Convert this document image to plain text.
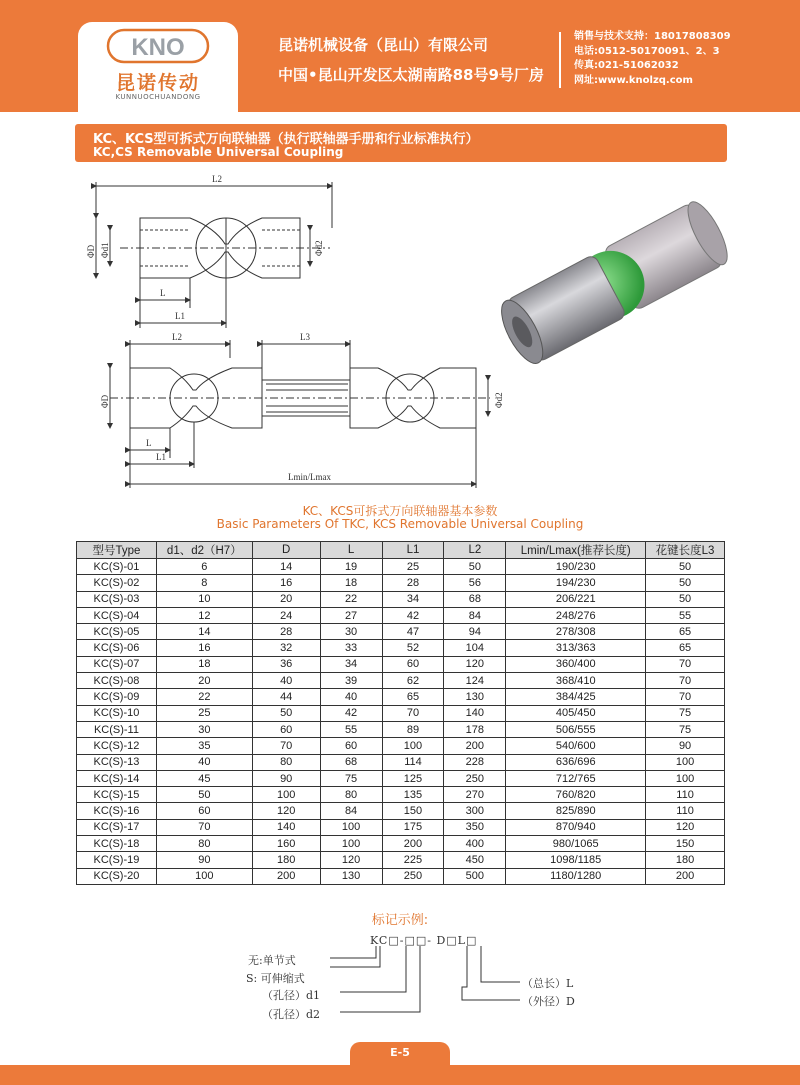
KNO
昆诺传动
KUNNUOCHUANDONG
昆诺机械设备（昆山）有限公司
中国•昆山开发区太湖南路88号9号厂房
销售与技术支持：18017808309
电话:0512-50170091、2、3
传真:021-51062032
网址:www.knolzq.com
KC、KCS型可拆式万向联轴器（执行联轴器手册和行业标准执行）
KC,CS Removable Universal Coupling
L2
ΦD Φd1	Φd2
L
L1
L2	L3
ΦD	Φd2
L
L1
Lmin/Lmax
KC、KCS可拆式万向联轴器基本参数
Basic Parameters Of TKC, KCS Removable Universal Coupling
型号Type	d1、d2（H7）	D	L	L1	L2	Lmin/Lmax(推荐长度)	花键长度L3
KC(S)-01	6	14	19	25	50	190/230	50
KC(S)-02	8	16	18	28	56	194/230	50
KC(S)-03	10	20	22	34	68	206/221	50
KC(S)-04	12	24	27	42	84	248/276	55
KC(S)-05	14	28	30	47	94	278/308	65
KC(S)-06	16	32	33	52	104	313/363	65
KC(S)-07	18	36	34	60	120	360/400	70
KC(S)-08	20	40	39	62	124	368/410	70
KC(S)-09	22	44	40	65	130	384/425	70
KC(S)-10	25	50	42	70	140	405/450	75
KC(S)-11	30	60	55	89	178	506/555	75
KC(S)-12	35	70	60	100	200	540/600	90
KC(S)-13	40	80	68	114	228	636/696	100
KC(S)-14	45	90	75	125	250	712/765	100
KC(S)-15	50	100	80	135	270	760/820	110
KC(S)-16	60	120	84	150	300	825/890	110
KC(S)-17	70	140	100	175	350	870/940	120
KC(S)-18	80	160	100	200	400	980/1065	150
KC(S)-19	90	180	120	225	450	1098/1185	180
KC(S)-20	100	200	130	250	500	1180/1280	200
标记示例:
KC□-□□- D□L□
无:单节式
S: 可伸缩式
（孔径）d1
（孔径）d2
（总长）L
（外径）D
E-5
